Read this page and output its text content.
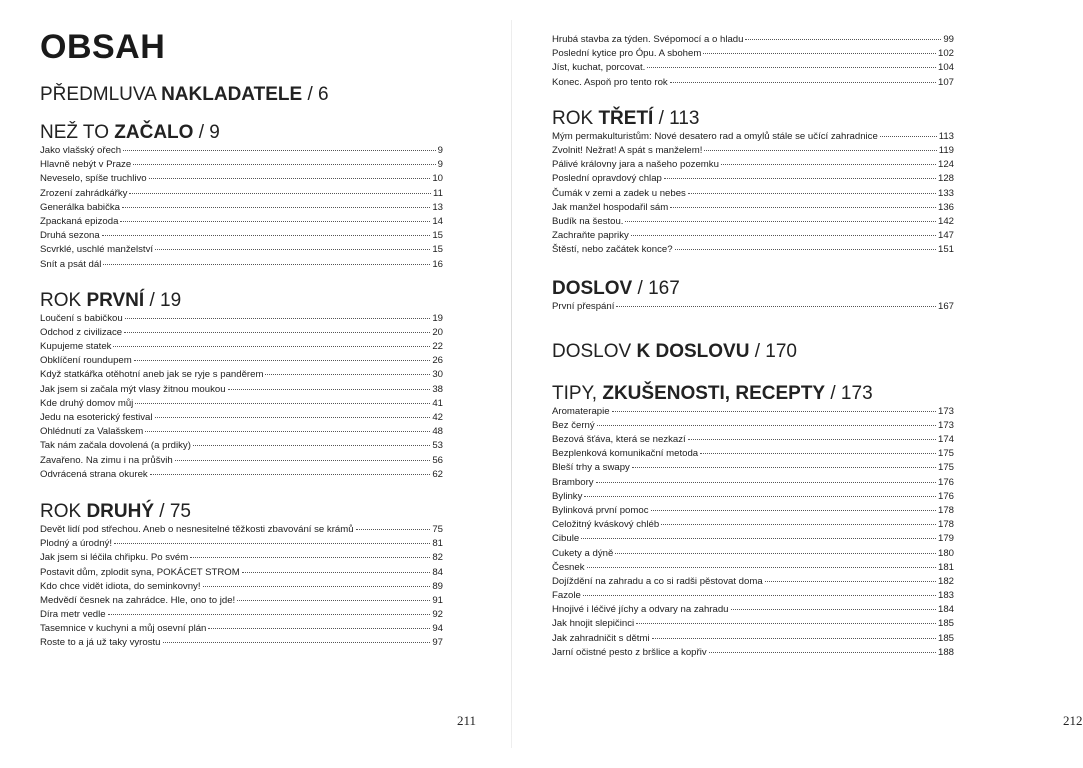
OBSAH
PŘEDMLUVA NAKLADATELE / 6
NEŽ TO ZAČALO / 9
Jako vlašský ořech	9
Hlavně nebýt v Praze	9
Neveselo, spíše truchlivo	10
Zrození zahrádkářky	11
Generálka babička	13
Zpackaná epizoda	14
Druhá sezona	15
Scvrklé, uschlé manželství	15
Snít a psát dál	16
ROK PRVNÍ / 19
Loučení s babičkou	19
Odchod z civilizace	20
Kupujeme statek	22
Obklíčení roundupem	26
Když statkářka otěhotní aneb jak se ryje s panděrem	30
Jak jsem si začala mýt vlasy žitnou moukou	38
Kde druhý domov můj	41
Jedu na esoterický festival	42
Ohlédnutí za Valašskem	48
Tak nám začala dovolená (a prdiky)	53
Zavařeno. Na zimu i na průšvih	56
Odvrácená strana okurek	62
ROK DRUHÝ / 75
Devět lidí pod střechou. Aneb o nesnesitelné těžkosti zbavování se krámů	75
Plodný a úrodný!	81
Jak jsem si léčila chřipku. Po svém	82
Postavit dům, zplodit syna, POKÁCET STROM	84
Kdo chce vidět idiota, do seminkovny!	89
Medvědí česnek na zahrádce. Hle, ono to jde!	91
Díra metr vedle	92
Tasemnice v kuchyni a můj osevní plán	94
Roste to a já už taky vyrostu	97
211
Hrubá stavba za týden. Svépomocí a o hladu	99
Poslední kytice pro Ópu. A sbohem	102
Jíst, kuchat, porcovat.	104
Konec. Aspoň pro tento rok	107
ROK TŘETÍ / 113
Mým permakulturistům: Nové desatero rad a omylů stále se učící zahradnice	113
Zvolnit! Nežrat! A spát s manželem!	119
Pálivé královny jara a našeho pozemku	124
Poslední opravdový chlap	128
Čumák v zemi a zadek u nebes	133
Jak manžel hospodařil sám	136
Budík na šestou.	142
Zachraňte papriky	147
Štěstí, nebo začátek konce?	151
DOSLOV / 167
První přespání	167
DOSLOV K DOSLOVU / 170
TIPY, ZKUŠENOSTI, RECEPTY / 173
Aromaterapie	173
Bez černý	173
Bezová šťáva, která se nezkazí	174
Bezplenková komunikační metoda	175
Bleší trhy a swapy	175
Brambory	176
Bylinky	176
Bylinková první pomoc	178
Celožitný kváskový chléb	178
Cibule	179
Cukety a dýně	180
Česnek	181
Dojíždění na zahradu a co si radši pěstovat doma	182
Fazole	183
Hnojivé i léčivé jíchy a odvary na zahradu	184
Jak hnojit slepičinci	185
Jak zahradničit s dětmi	185
Jarní očistné pesto z bršlice a kopřiv	188
212
